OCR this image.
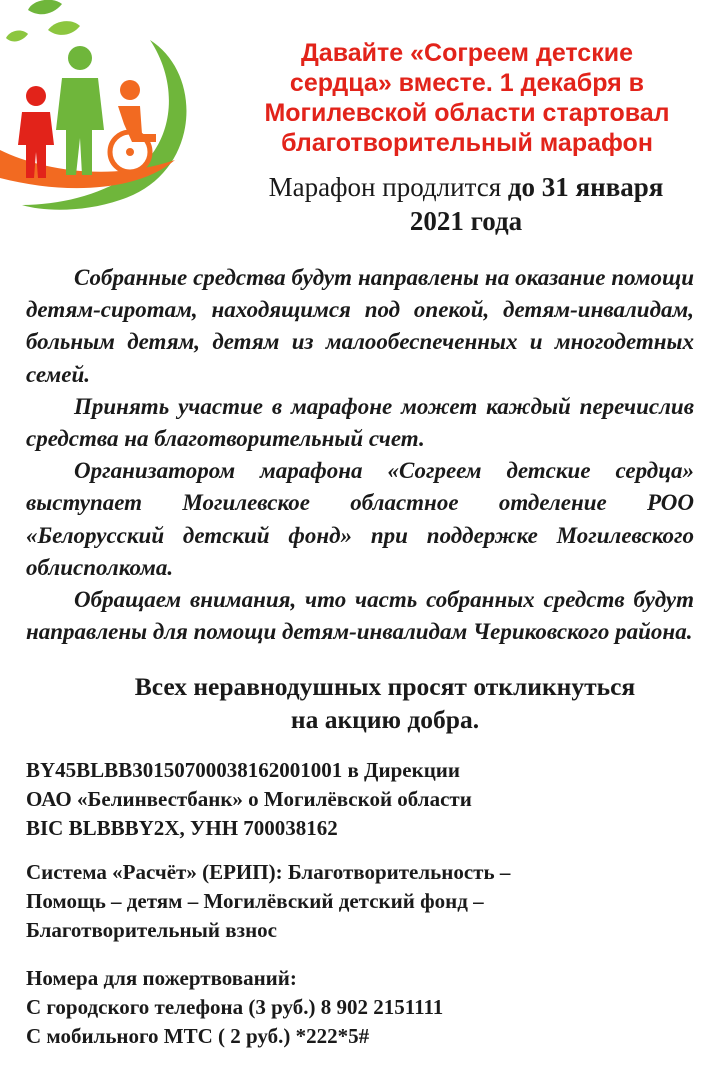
Давайте «Согреем детские
сердца» вместе. 1 декабря в
Могилевской области стартовал
благотворительный марафон
Марафон продлится до 31 января
2021 года

Собранные средства будут направлены на оказание помощи детям-сиротам, находящимся под опекой, детям-инвалидам, больным детям, детям из малообеспеченных и многодетных семей.

Принять участие в марафоне может каждый перечислив средства на благотворительный счет.

Организатором марафона «Согреем детские сердца» выступает Могилевское областное отделение РОО «Белорусский детский фонд» при поддержке Могилевского облисполкома.

Обращаем внимания, что часть собранных средств будут направлены для помощи детям-инвалидам Чериковского района.

Всех неравнодушных просят откликнуться
на акцию добра.
BY45BLBB30150700038162001001 в Дирекции
ОАО «Белинвестбанк» о Могилёвской области
BIC BLBBBY2X, УНН 700038162
Система «Расчёт» (ЕРИП): Благотворительность –
Помощь – детям – Могилёвский детский фонд –
Благотворительный взнос
Номера для пожертвований:
С городского телефона (3 руб.) 8 902 2151111
С мобильного МТС ( 2 руб.) *222*5#
